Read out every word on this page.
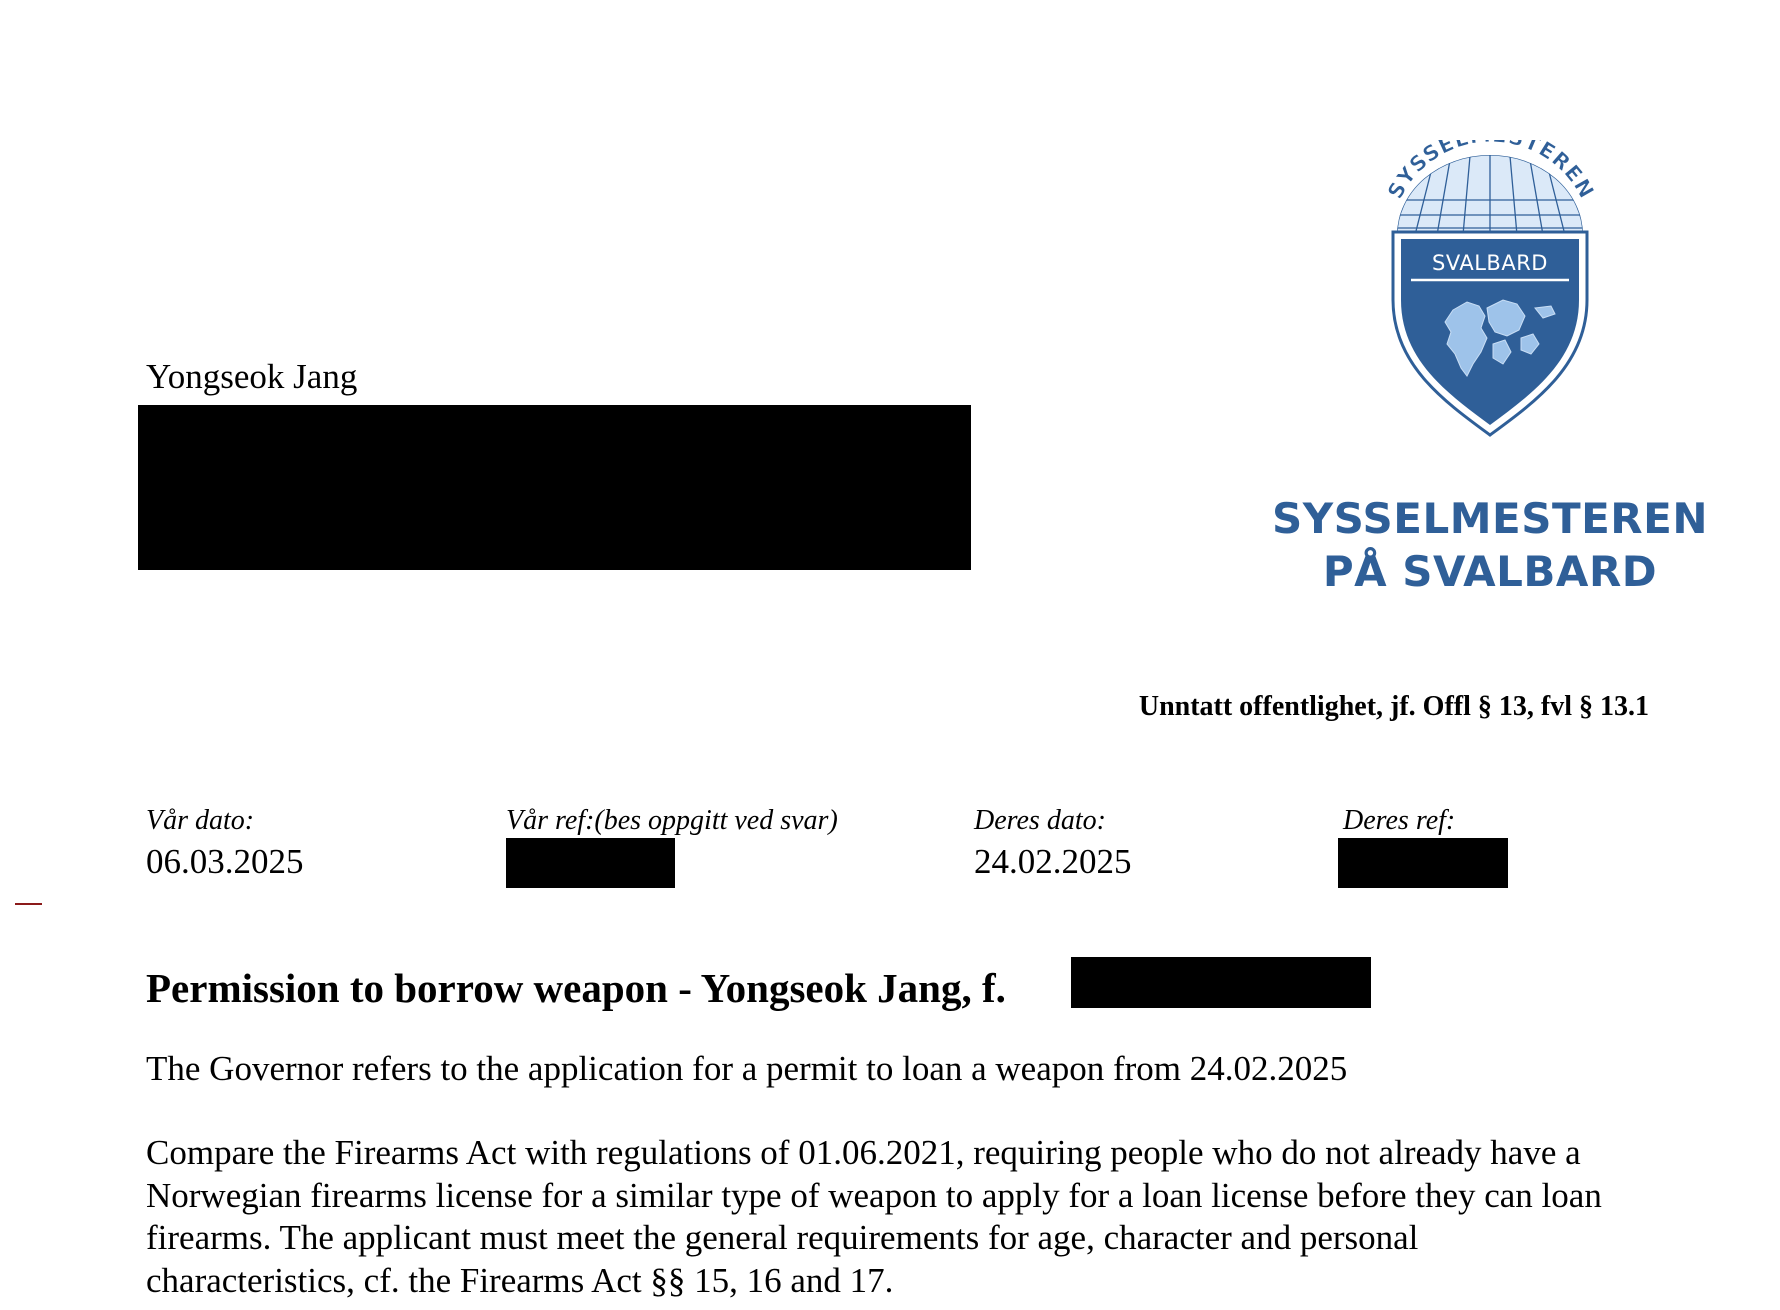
Yongseok Jang
SYSSE TEREN
SVALBARD
SYSSELMESTEREN
PÅ SVALBARD
Unntatt offentlighet, jf. Offl § 13, fvl § 13.1
Vår dato:
06.03.2025
Vår ref:(bes oppgitt ved svar)	Deres dato:
24.02.2025
Deres ref:
Permission to borrow weapon - Yongseok Jang, f.
The Governor refers to the application for a permit to loan a weapon from 24.02.2025
Compare the Firearms Act with regulations of 01.06.2021, requiring people who do not already have a Norwegian firearms license for a similar type of weapon to apply for a loan license before they can loan firearms. The applicant must meet the general requirements for age, character and personal characteristics, cf. the Firearms Act §§ 15, 16 and 17.
